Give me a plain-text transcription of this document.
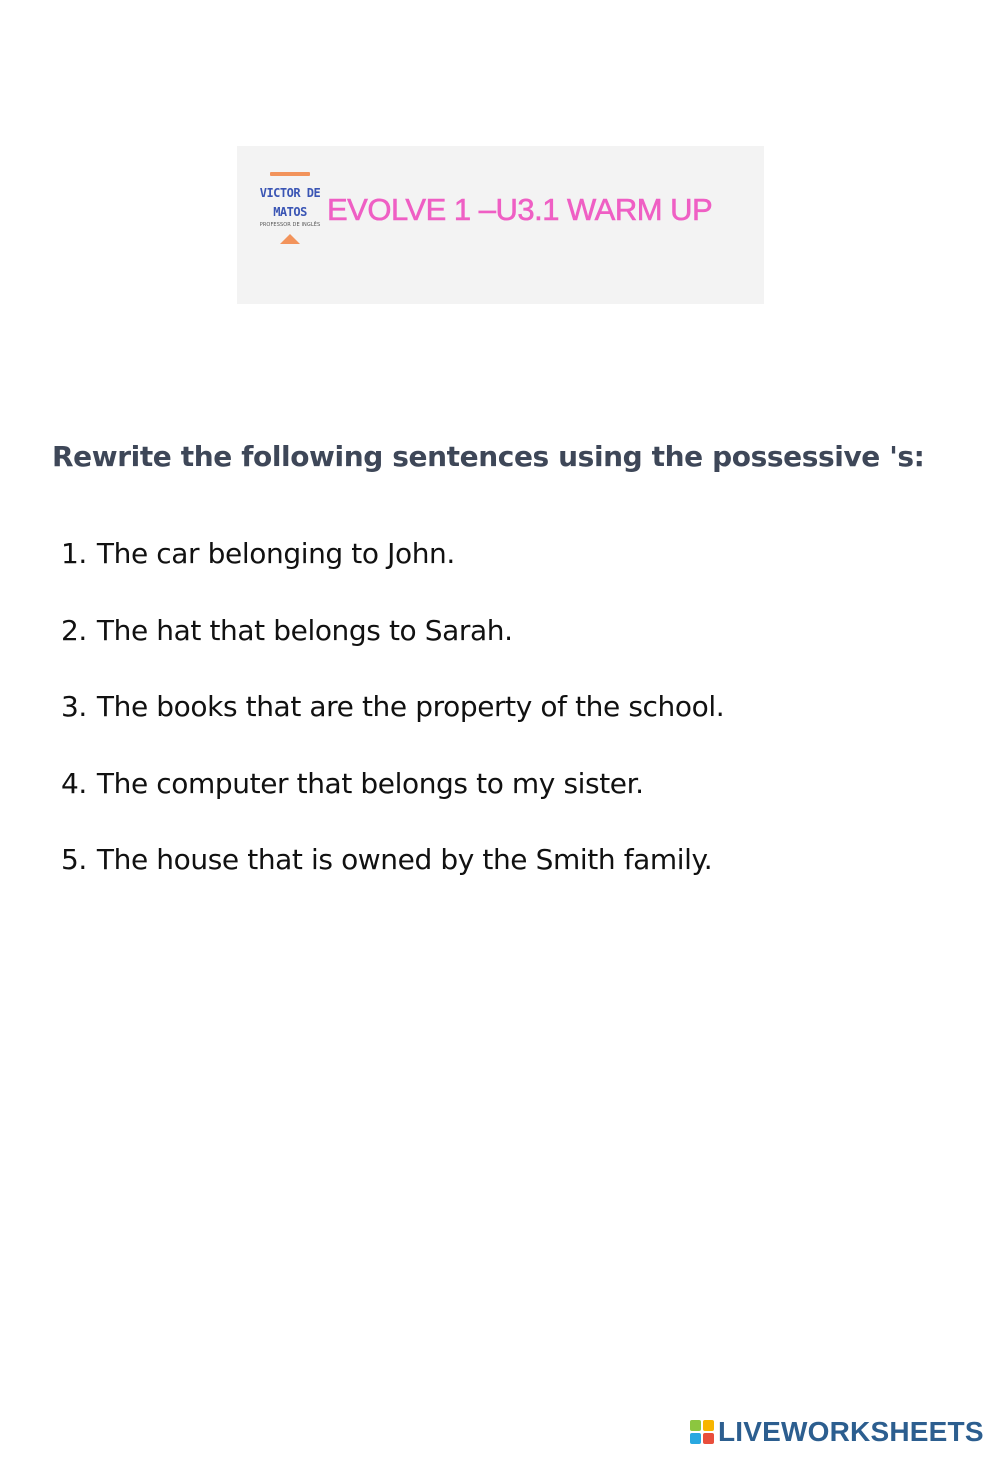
VICTOR DE
MATOS
PROFESSOR DE INGLÊS EVOLVE 1 –U3.1 WARM UP
Rewrite the following sentences using the possessive 's:
1. The car belonging to John.
2. The hat that belongs to Sarah.
3. The books that are the property of the school.
4. The computer that belongs to my sister.
5. The house that is owned by the Smith family.
LIVEWORKSHEETS
